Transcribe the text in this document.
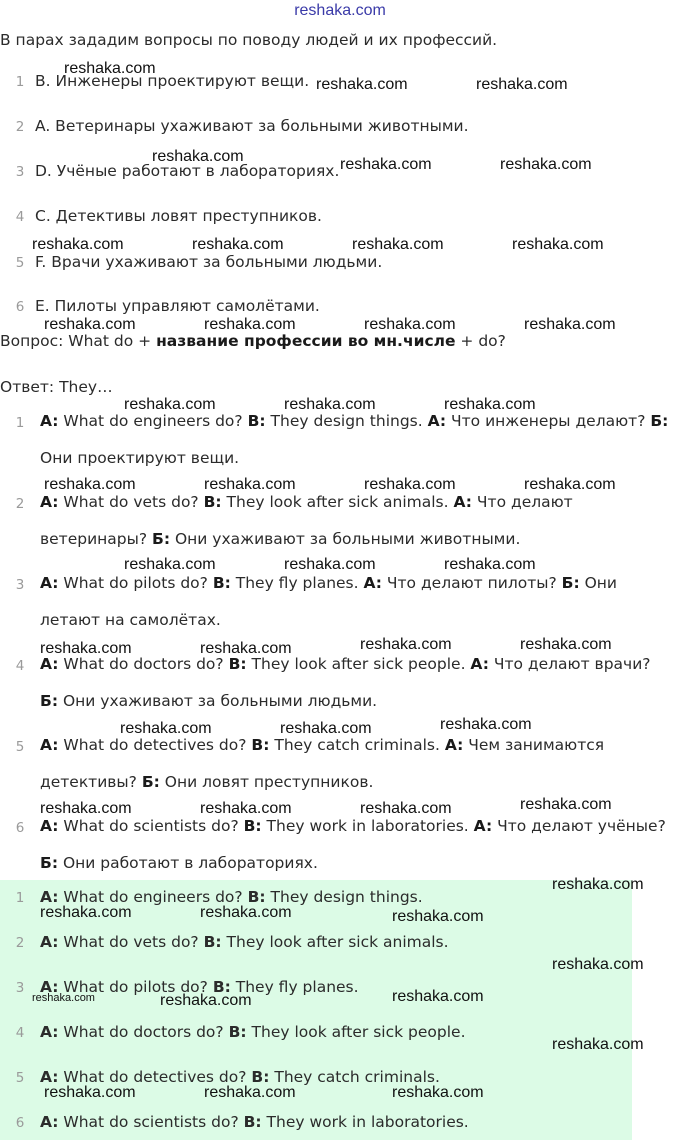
reshaka.com
В парах зададим вопросы по поводу людей и их профессий.
1 B. Инженеры проектируют вещи.
2 A. Ветеринары ухаживают за больными животными.
3 D. Учёные работают в лабораториях.
4 C. Детективы ловят преступников.
5 F. Врачи ухаживают за больными людьми.
6 E. Пилоты управляют самолётами.
Вопрос: What do + название профессии во мн.числе + do?
Ответ: They…
1 A: What do engineers do? B: They design things. A: Что инженеры делают? Б: Они проектируют вещи.
2 A: What do vets do? B: They look after sick animals. A: Что делают ветеринары? Б: Они ухаживают за больными животными.
3 A: What do pilots do? B: They fly planes. A: Что делают пилоты? Б: Они летают на самолётах.
4 A: What do doctors do? B: They look after sick people. A: Что делают врачи? Б: Они ухаживают за больными людьми.
5 A: What do detectives do? B: They catch criminals. A: Чем занимаются детективы? Б: Они ловят преступников.
6 A: What do scientists do? B: They work in laboratories. A: Что делают учёные? Б: Они работают в лабораториях.
1 A: What do engineers do? B: They design things.
2 A: What do vets do? B: They look after sick animals.
3 A: What do pilots do? B: They fly planes.
4 A: What do doctors do? B: They look after sick people.
5 A: What do detectives do? B: They catch criminals.
6 A: What do scientists do? B: They work in laboratories.
reshaka.com
reshaka.com	reshaka.com
reshaka.com	reshaka.com	reshaka.com
reshaka.com	reshaka.com	reshaka.com	reshaka.com
reshaka.com	reshaka.com	reshaka.com	reshaka.com
reshaka.com	reshaka.com	reshaka.com
reshaka.com	reshaka.com	reshaka.com	reshaka.com
reshaka.com	reshaka.com	reshaka.com
reshaka.com	reshaka.com	reshaka.com	reshaka.com
reshaka.com	reshaka.com	reshaka.com
reshaka.com	reshaka.com	reshaka.com	reshaka.com
reshaka.com
reshaka.com	reshaka.com	reshaka.com
reshaka.com
reshaka.com	reshaka.com	reshaka.com
reshaka.com
reshaka.com	reshaka.com	reshaka.com
